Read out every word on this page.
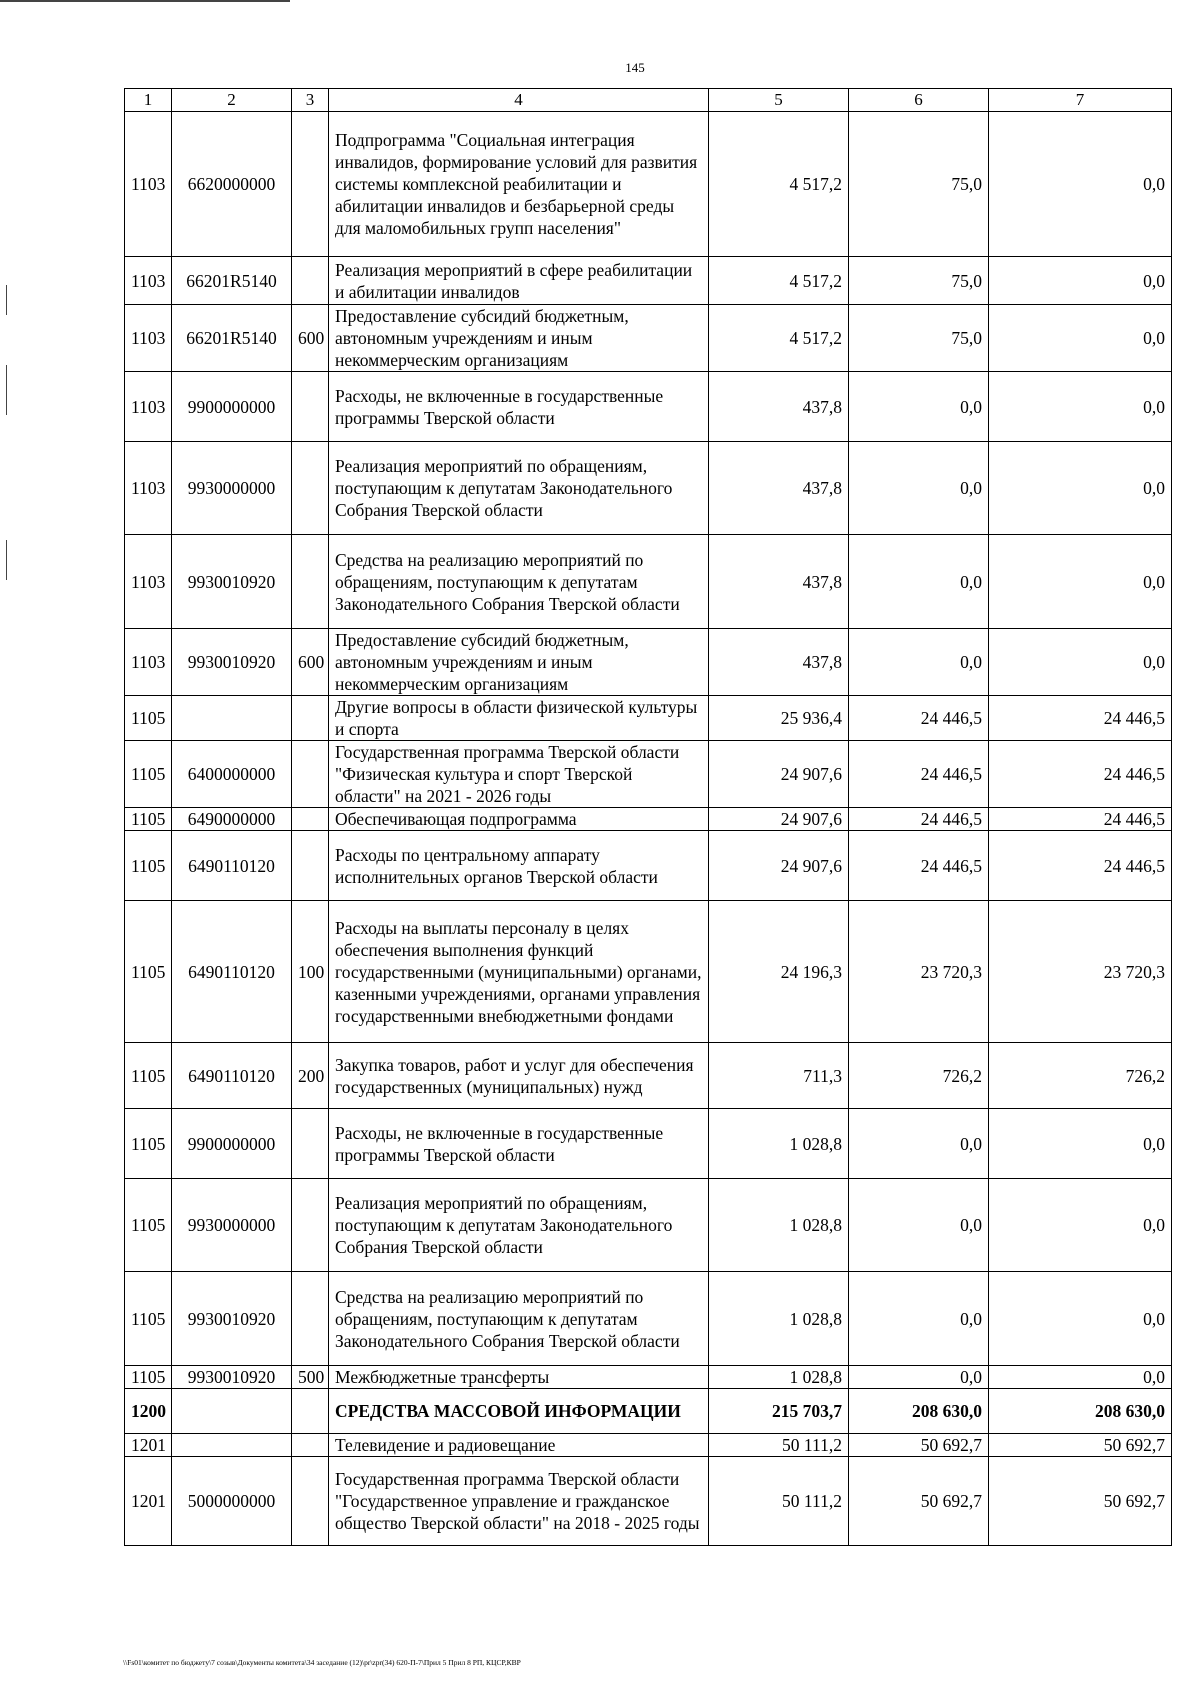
145
1	2	3	4	5	6	7
1103	6620000000		Подпрограмма "Социальная интеграция инвалидов, формирование условий для развития системы комплексной реабилитации и абилитации инвалидов и безбарьерной среды для маломобильных групп населения"	4 517,2	75,0	0,0
1103	66201R5140		Реализация мероприятий в сфере реабилитации и абилитации инвалидов	4 517,2	75,0	0,0
1103	66201R5140	600	Предоставление субсидий бюджетным, автономным учреждениям и иным некоммерческим организациям	4 517,2	75,0	0,0
1103	9900000000		Расходы, не включенные в государственные программы Тверской области	437,8	0,0	0,0
1103	9930000000		Реализация мероприятий по обращениям, поступающим к депутатам Законодательного Собрания Тверской области	437,8	0,0	0,0
1103	9930010920		Средства на реализацию мероприятий по обращениям, поступающим к депутатам Законодательного Собрания Тверской области	437,8	0,0	0,0
1103	9930010920	600	Предоставление субсидий бюджетным, автономным учреждениям и иным некоммерческим организациям	437,8	0,0	0,0
1105			Другие вопросы в области физической культуры и спорта	25 936,4	24 446,5	24 446,5
1105	6400000000		Государственная программа Тверской области "Физическая культура и спорт Тверской области" на 2021 - 2026 годы	24 907,6	24 446,5	24 446,5
1105	6490000000		Обеспечивающая подпрограмма	24 907,6	24 446,5	24 446,5
1105	6490110120		Расходы по центральному аппарату исполнительных органов Тверской области	24 907,6	24 446,5	24 446,5
1105	6490110120	100	Расходы на выплаты персоналу в целях обеспечения выполнения функций государственными (муниципальными) органами, казенными учреждениями, органами управления государственными внебюджетными фондами	24 196,3	23 720,3	23 720,3
1105	6490110120	200	Закупка товаров, работ и услуг для обеспечения государственных (муниципальных) нужд	711,3	726,2	726,2
1105	9900000000		Расходы, не включенные в государственные программы Тверской области	1 028,8	0,0	0,0
1105	9930000000		Реализация мероприятий по обращениям, поступающим к депутатам Законодательного Собрания Тверской области	1 028,8	0,0	0,0
1105	9930010920		Средства на реализацию мероприятий по обращениям, поступающим к депутатам Законодательного Собрания Тверской области	1 028,8	0,0	0,0
1105	9930010920	500	Межбюджетные трансферты	1 028,8	0,0	0,0
1200			СРЕДСТВА МАССОВОЙ ИНФОРМАЦИИ	215 703,7	208 630,0	208 630,0
1201			Телевидение и радиовещание	50 111,2	50 692,7	50 692,7
1201	5000000000		Государственная программа Тверской области "Государственное управление и гражданское общество Тверской области" на 2018 - 2025 годы	50 111,2	50 692,7	50 692,7
\\Fs01\комитет по бюджету\7 созыв\Документы комитета\34 заседание (12)\pr\zpr(34) 620-П-7\Прил 5 Прил 8 РП, КЦСР,КВР
